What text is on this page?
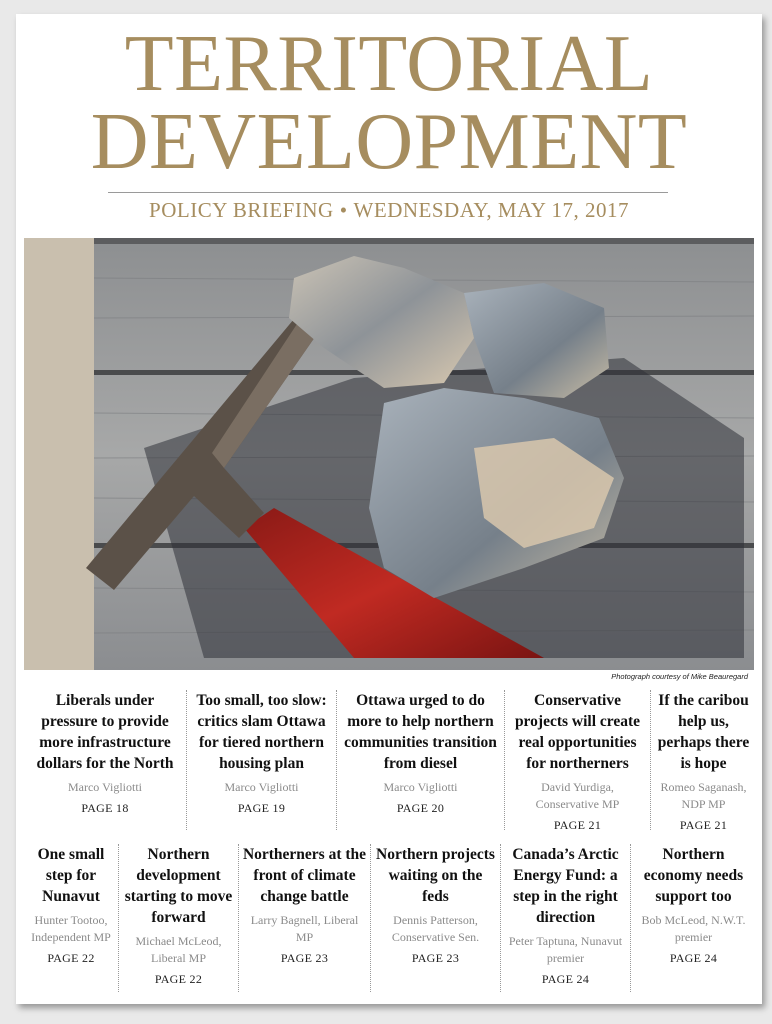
TERRITORIAL
DEVELOPMENT
POLICY BRIEFING • WEDNESDAY, MAY 17, 2017
Photograph courtesy of Mike Beauregard

Liberals under pressure to provide more infrastructure dollars for the North

Marco Vigliotti
PAGE 18

Too small, too slow: critics slam Ottawa for tiered northern housing plan

Marco Vigliotti
PAGE 19

Ottawa urged to do more to help northern communities transition from diesel

Marco Vigliotti
PAGE 20

Conservative projects will create real opportunities for northerners

David Yurdiga, Conservative MP
PAGE 21

If the caribou help us, perhaps there is hope

Romeo Saganash, NDP MP
PAGE 21

One small step for Nunavut

Hunter Tootoo, Independent MP
PAGE 22

Northern development starting to move forward

Michael McLeod, Liberal MP
PAGE 22

Northerners at the front of climate change battle

Larry Bagnell, Liberal MP
PAGE 23

Northern projects waiting on the feds

Dennis Patterson, Conservative Sen.
PAGE 23

Canada’s Arctic Energy Fund: a step in the right direction

Peter Taptuna, Nunavut premier
PAGE 24

Northern economy needs support too

Bob McLeod, N.W.T. premier
PAGE 24
